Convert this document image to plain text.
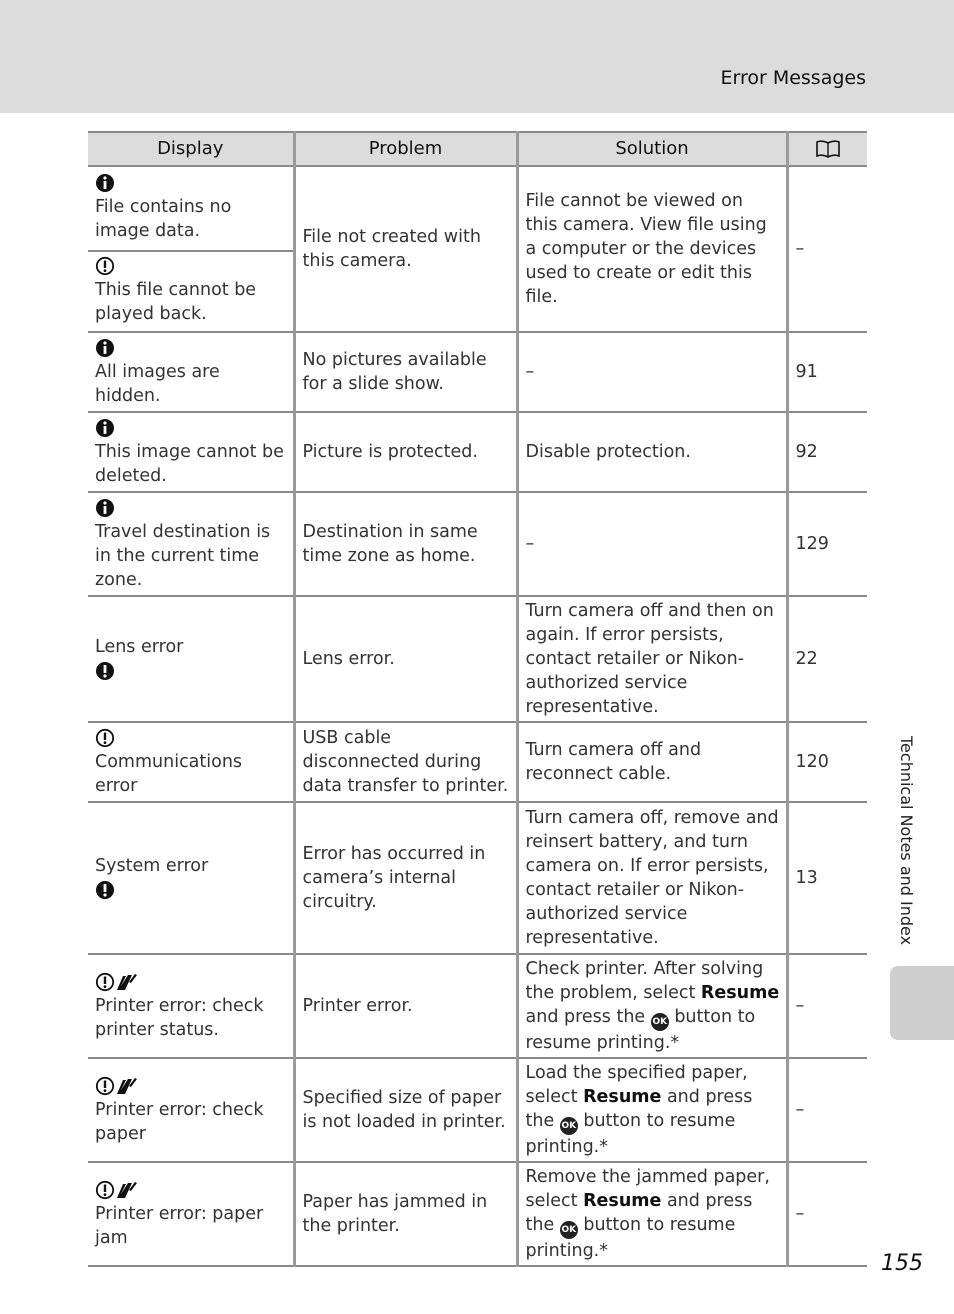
Error Messages
Display	Problem	Solution	

File contains no image data.
This file cannot be played back.	File not created with this camera.	File cannot be viewed on this camera. View file using a computer or the devices used to create or edit this file.	–

All images are hidden.	No pictures available for a slide show.	–	91

This image cannot be deleted.	Picture is protected.	Disable protection.	92

Travel destination is in the current time zone.	Destination in same time zone as home.	–	129

Lens error	Lens error.	Turn camera off and then on again. If error persists, contact retailer or Nikon-authorized service representative.	22

Communications error	USB cable disconnected during data transfer to printer.	Turn camera off and reconnect cable.	120

System error	Error has occurred in camera’s internal circuitry.	Turn camera off, remove and reinsert battery, and turn camera on. If error persists, contact retailer or Nikon-authorized service representative.	13

Printer error: check printer status.	Printer error.	Check printer. After solving the problem, select Resume and press the OK button to resume printing.*	–

Printer error: check paper	Specified size of paper is not loaded in printer.	Load the specified paper, select Resume and press the OK button to resume printing.*	–

Printer error: paper jam	Paper has jammed in the printer.	Remove the jammed paper, select Resume and press the OK button to resume printing.*	–
Technical Notes and Index
155
